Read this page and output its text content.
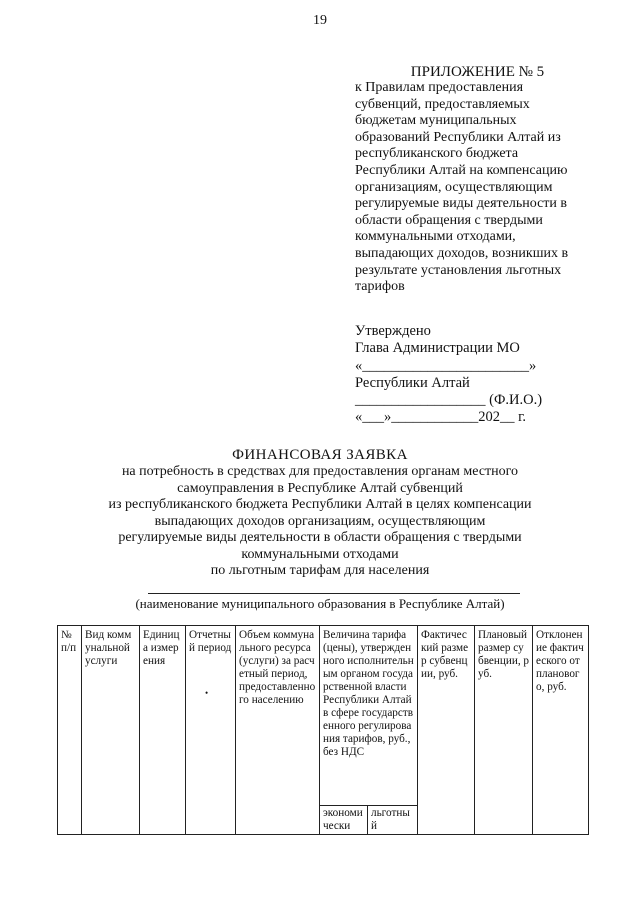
19
ПРИЛОЖЕНИЕ № 5
к Правилам предоставления
субвенций, предоставляемых
бюджетам муниципальных
образований Республики Алтай из
республиканского бюджета
Республики Алтай на компенсацию
организациям, осуществляющим
регулируемые виды деятельности в
области обращения с твердыми
коммунальными отходами,
выпадающих доходов, возникших в
результате установления льготных
тарифов
Утверждено
Глава Администрации МО
«_______________________»
Республики Алтай
__________________ (Ф.И.О.)
«___»____________202__ г.
ФИНАНСОВАЯ ЗАЯВКА
на потребность в средствах для предоставления органам местного
самоуправления в Республике Алтай субвенций
из республиканского бюджета Республики Алтай в целях компенсации
выпадающих доходов организациям, осуществляющим
регулируемые виды деятельности в области обращения с твердыми
коммунальными отходами
по льготным тарифам для населения
(наименование муниципального образования в Республике Алтай)
№ п/п	Вид коммунальной услуги	Единица измерения	Отчетный период	Объем коммунального ресурса (услуги) за расчетный период, предоставленного населению	Величина тарифа (цены), утвержденного исполнительным органом государственной власти Республики Алтай в сфере государственного регулирования тарифов, руб., без НДС		Фактический размер субвенции, руб.	Плановый размер субвенции, руб.	Отклонение фактического от планового, руб.
					экономически	льготный			
•
